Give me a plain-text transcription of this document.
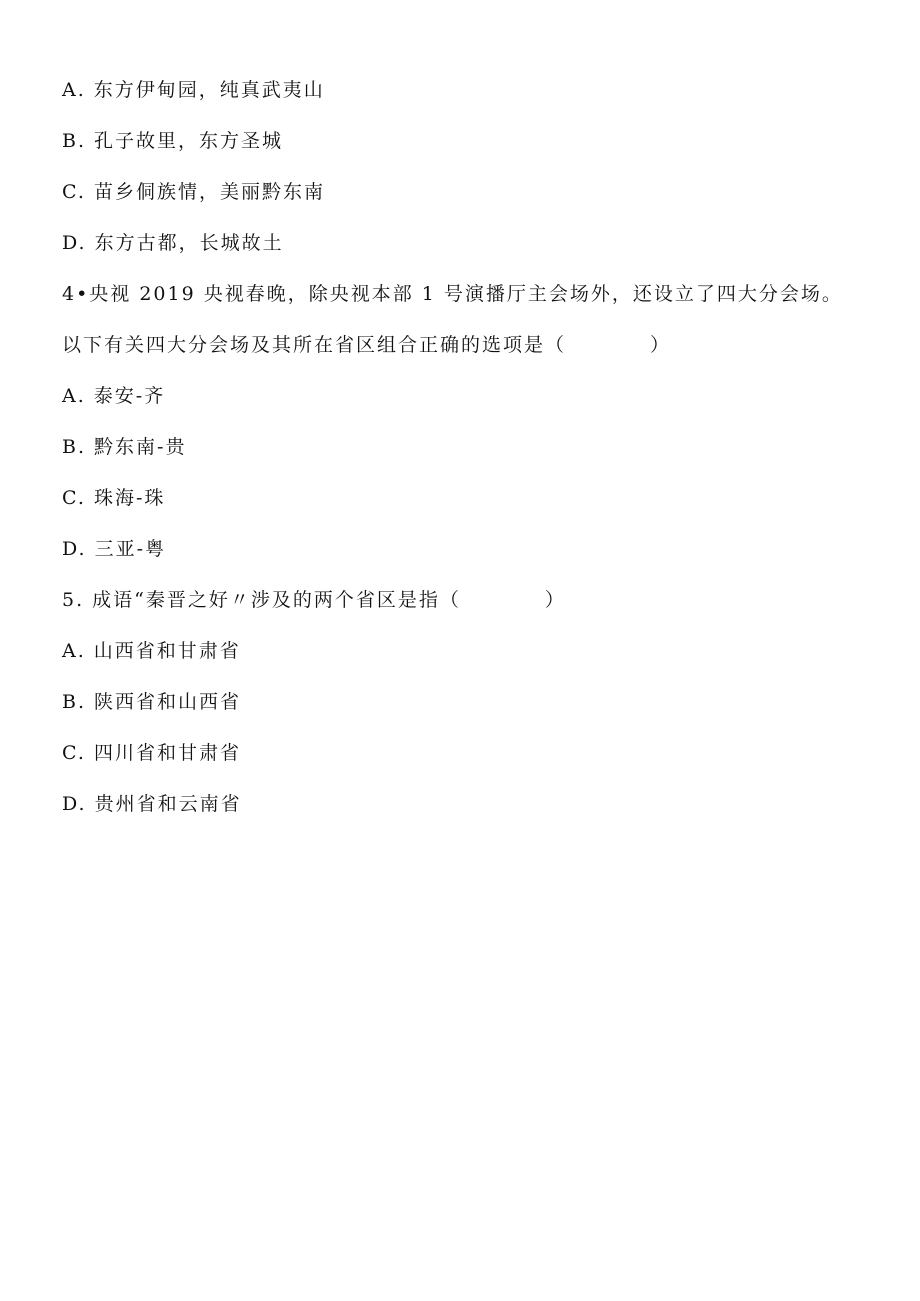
A. 东方伊甸园，纯真武夷山
B. 孔子故里，东方圣城
C. 苗乡侗族情，美丽黔东南
D. 东方古都，长城故土
4•央视 2019 央视春晚，除央视本部 1 号演播厅主会场外，还设立了四大分会场。
以下有关四大分会场及其所在省区组合正确的选项是（　　　　）
A. 泰安-齐
B. 黔东南-贵
C. 珠海-珠
D. 三亚-粤
5. 成语“秦晋之好〃涉及的两个省区是指（　　　　）
A. 山西省和甘肃省
B. 陕西省和山西省
C. 四川省和甘肃省
D. 贵州省和云南省
